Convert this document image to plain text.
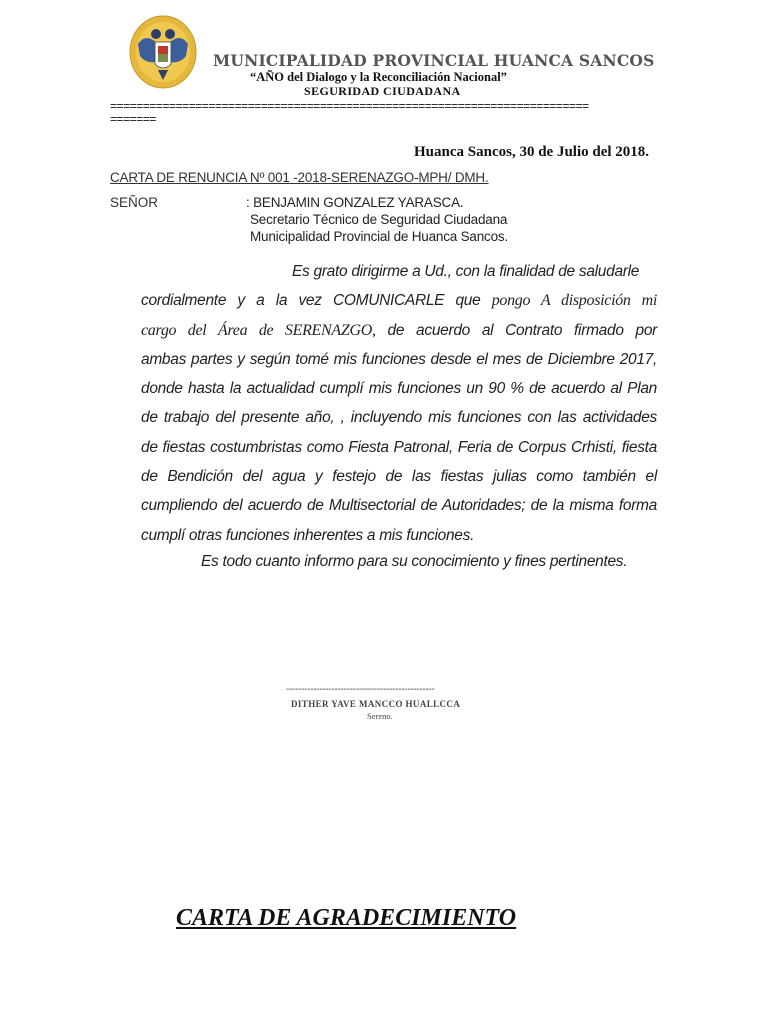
MUNICIPALIDAD PROVINCIAL HUANCA SANCOS
“AÑO del Dialogo y la Reconciliación Nacional”
SEGURIDAD CIUDADANA
=========================================================================
=======
Huanca Sancos, 30 de Julio del 2018.
CARTA DE RENUNCIA Nº 001 -2018-SERENAZGO-MPH/ DMH.
SEÑOR	: BENJAMIN GONZALEZ YARASCA.
Secretario Técnico de Seguridad Ciudadana
Municipalidad Provincial de Huanca Sancos.
Es grato dirigirme a Ud., con la finalidad de saludarle
cordialmente y a la vez COMUNICARLE que pongo A disposición mi
cargo del Área de SERENAZGO, de acuerdo al Contrato firmado por
ambas partes y según tomé mis funciones desde el mes de Diciembre 2017,
donde hasta la actualidad cumplí mis funciones un 90 % de acuerdo al Plan
de trabajo del presente año, , incluyendo mis funciones con las actividades
de fiestas costumbristas como Fiesta Patronal, Feria de Corpus Crhisti, fiesta
de Bendición del agua y festejo de las fiestas julias como también el
cumpliendo del acuerdo de Multisectorial de Autoridades; de la misma forma
cumplí otras funciones inherentes a mis funciones.
Es todo cuanto informo para su conocimiento y fines pertinentes.
-------------------------------------------------
DITHER YAVE MANCCO HUALLCCA
Sereno.
CARTA DE AGRADECIMIENTO
